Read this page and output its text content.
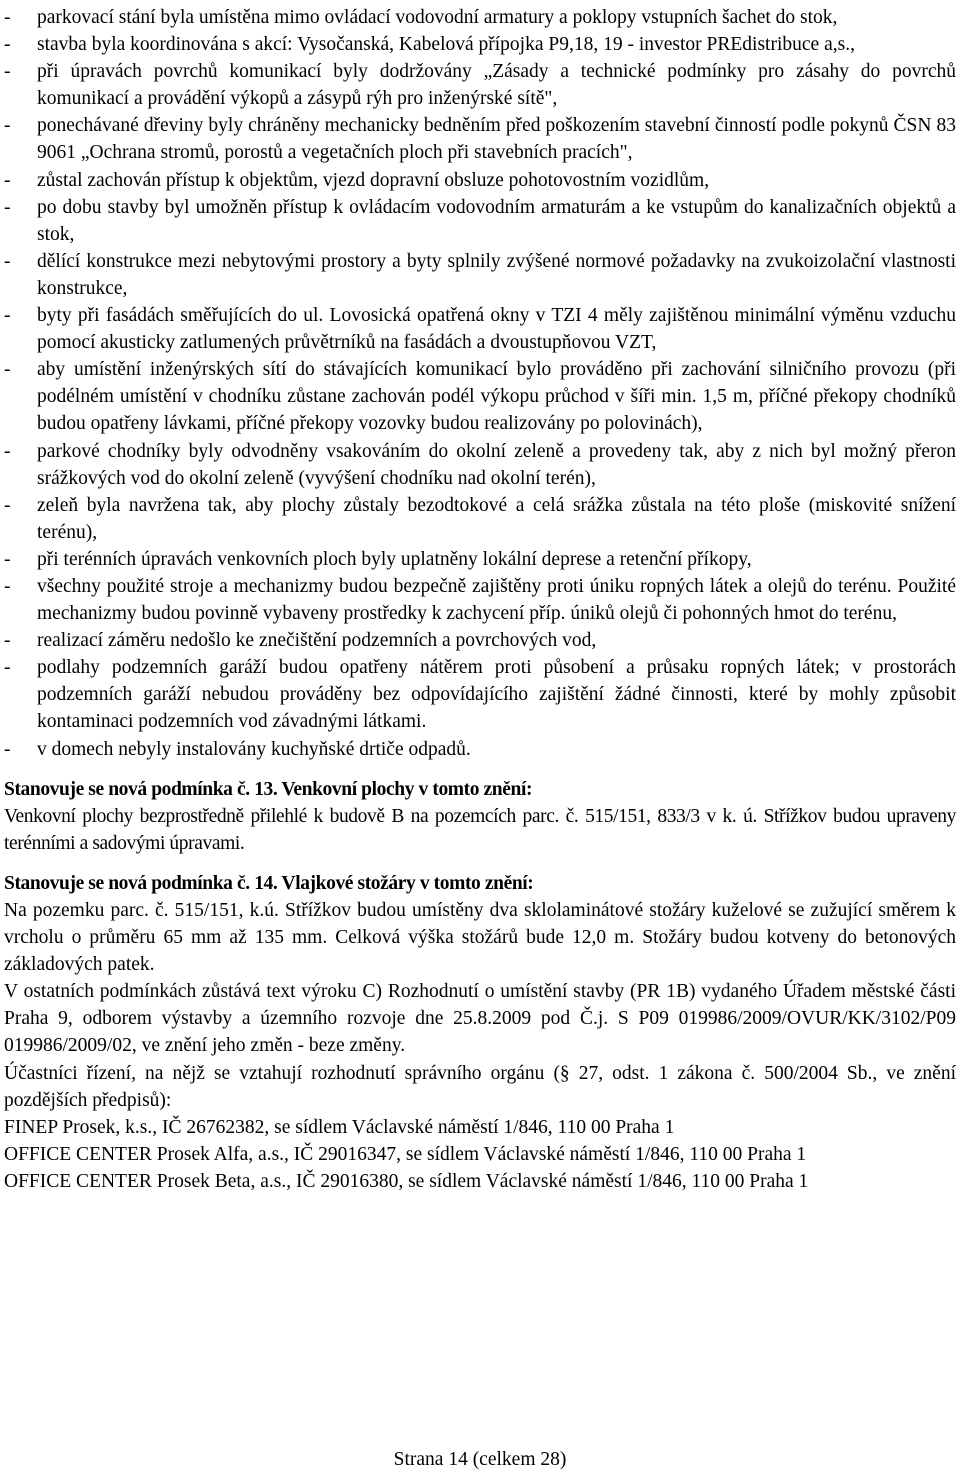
- parkovací stání byla umístěna mimo ovládací vodovodní armatury a poklopy vstupních šachet do stok,
- stavba byla koordinována s akcí: Vysočanská, Kabelová přípojka P9,18, 19 - investor PREdistribuce a,s.,
- při úpravách povrchů komunikací byly dodržovány „Zásady a technické podmínky pro zásahy do povrchů komunikací a provádění výkopů a zásypů rýh pro inženýrské sítě",
- ponechávané dřeviny byly chráněny mechanicky bedněním před poškozením stavební činností podle pokynů ČSN 83 9061 „Ochrana stromů, porostů a vegetačních ploch při stavebních pracích",
- zůstal zachován přístup k objektům, vjezd dopravní obsluze pohotovostním vozidlům,
- po dobu stavby byl umožněn přístup k ovládacím vodovodním armaturám a ke vstupům do kanalizačních objektů a stok,
- dělící konstrukce mezi nebytovými prostory a byty splnily zvýšené normové požadavky na zvukoizolační vlastnosti konstrukce,
- byty při fasádách směřujících do ul. Lovosická opatřená okny v TZI 4 měly zajištěnou minimální výměnu vzduchu pomocí akusticky zatlumených průvětrníků na fasádách a dvoustupňovou VZT,
- aby umístění inženýrských sítí do stávajících komunikací bylo prováděno při zachování silničního provozu (při podélném umístění v chodníku zůstane zachován podél výkopu průchod v šíři min. 1,5 m, příčné překopy chodníků budou opatřeny lávkami, příčné překopy vozovky budou realizovány po polovinách),
- parkové chodníky byly odvodněny vsakováním do okolní zeleně a provedeny tak, aby z nich byl možný přeron srážkových vod do okolní zeleně (vyvýšení chodníku nad okolní terén),
- zeleň byla navržena tak, aby plochy zůstaly bezodtokové a celá srážka zůstala na této ploše (miskovité snížení terénu),
- při terénních úpravách venkovních ploch byly uplatněny lokální deprese a retenční příkopy,
- všechny použité stroje a mechanizmy budou bezpečně zajištěny proti úniku ropných látek a olejů do terénu. Použité mechanizmy budou povinně vybaveny prostředky k zachycení příp. úniků olejů či pohonných hmot do terénu,
- realizací záměru nedošlo ke znečištění podzemních a povrchových vod,
- podlahy podzemních garáží budou opatřeny nátěrem proti působení a průsaku ropných látek; v prostorách podzemních garáží nebudou prováděny bez odpovídajícího zajištění žádné činnosti, které by mohly způsobit kontaminaci podzemních vod závadnými látkami.
- v domech nebyly instalovány kuchyňské drtiče odpadů.
Stanovuje se nová podmínka č. 13. Venkovní plochy v tomto znění:

Venkovní plochy bezprostředně přilehlé k budově B na pozemcích parc. č. 515/151, 833/3 v k. ú. Střížkov budou upraveny terénními a sadovými úpravami.

Stanovuje se nová podmínka č. 14. Vlajkové stožáry v tomto znění:

Na pozemku parc. č. 515/151, k.ú. Střížkov budou umístěny dva sklolaminátové stožáry kuželové se zužující směrem k vrcholu o průměru 65 mm až 135 mm. Celková výška stožárů bude 12,0 m. Stožáry budou kotveny do betonových základových patek.

V ostatních podmínkách zůstává text výroku C) Rozhodnutí o umístění stavby (PR 1B) vydaného Úřadem městské části Praha 9, odborem výstavby a územního rozvoje dne 25.8.2009 pod Č.j. S P09 019986/2009/OVUR/KK/3102/P09 019986/2009/02, ve znění jeho změn - beze změny.

Účastníci řízení, na nějž se vztahují rozhodnutí správního orgánu (§ 27, odst. 1 zákona č. 500/2004 Sb., ve znění pozdějších předpisů):

FINEP Prosek, k.s., IČ 26762382, se sídlem Václavské náměstí 1/846, 110 00 Praha 1

OFFICE CENTER Prosek Alfa, a.s., IČ 29016347, se sídlem Václavské náměstí 1/846, 110 00 Praha 1

OFFICE CENTER Prosek Beta, a.s., IČ 29016380, se sídlem Václavské náměstí 1/846, 110 00 Praha 1

Strana 14 (celkem 28)
